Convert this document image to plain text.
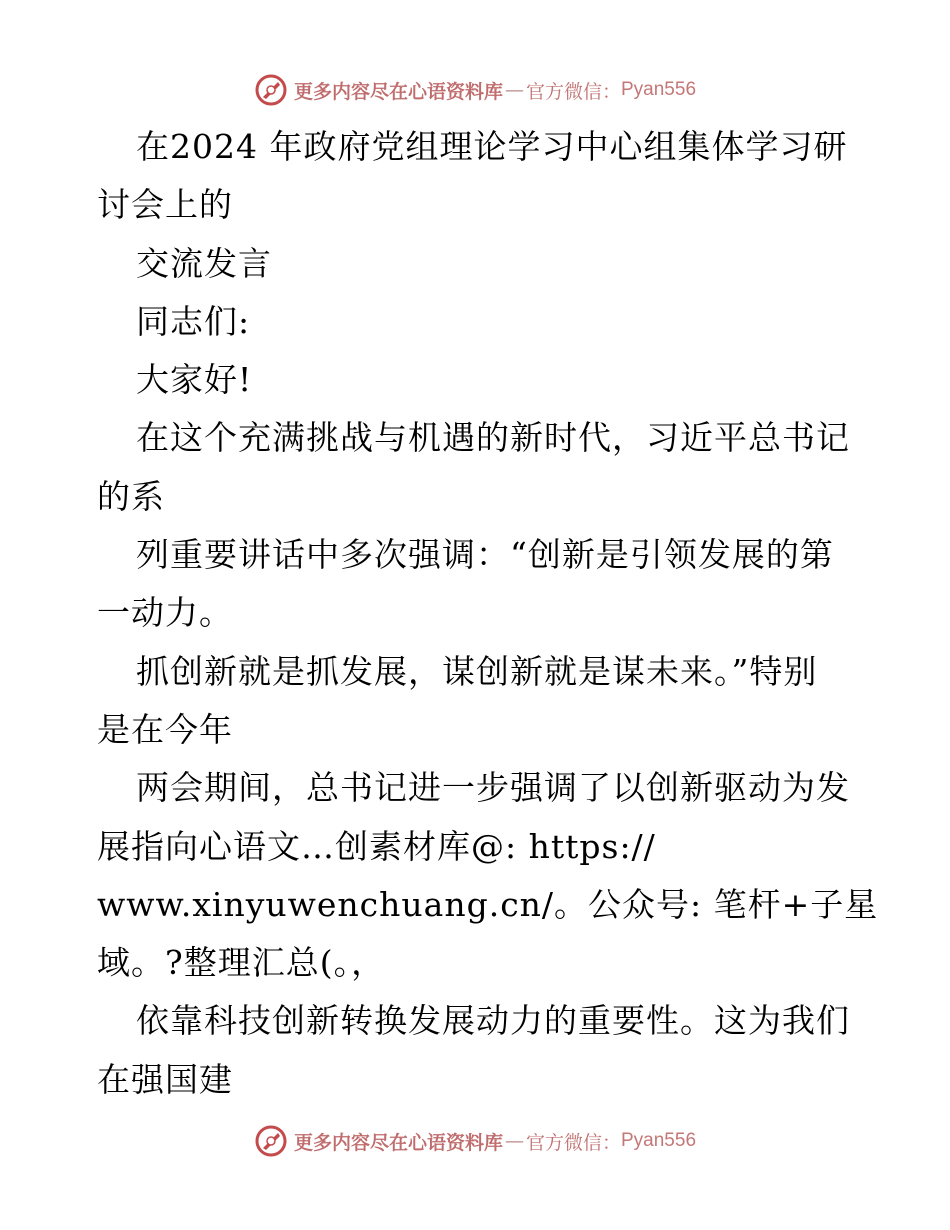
更多内容尽在心语资料库 — 官方微信： Pyan556
在2024 年政府党组理论学习中心组集体学习研
讨会上的
交流发言
同志们:
大家好!
在这个充满挑战与机遇的新时代，习近平总书记
的系
列重要讲话中多次强调：“创新是引领发展的第
一动力。
抓创新就是抓发展，谋创新就是谋未来。”特别
是在今年
两会期间，总书记进一步强调了以创新驱动为发
展指向心语文…创素材库@: https://
www.xinyuwenchuang.cn/。公众号: 笔杆+子星
域。?整理汇总(。，
依靠科技创新转换发展动力的重要性。这为我们
在强国建
更多内容尽在心语资料库 — 官方微信： Pyan556
